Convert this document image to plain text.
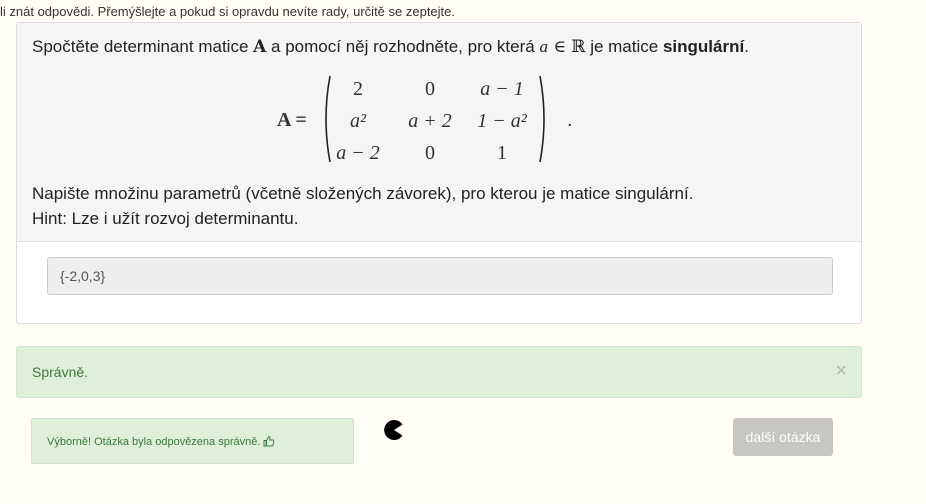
li znát odpovědi. Přemýšlejte a pokud si opravdu nevíte rady, určitě se zeptejte.
Spočtěte determinant matice A a pomocí něj rozhodněte, pro která a ∈ ℝ je matice singulární.
A =
2	0	a − 1
a²	a + 2	1 − a²
a − 2	0	1
.
Napište množinu parametrů (včetně složených závorek), pro kterou je matice singulární.
Hint: Lze i užít rozvoj determinantu.
{-2,0,3}
Správně.	×
Výborně! Otázka byla odpovězena správně.	další otázka
